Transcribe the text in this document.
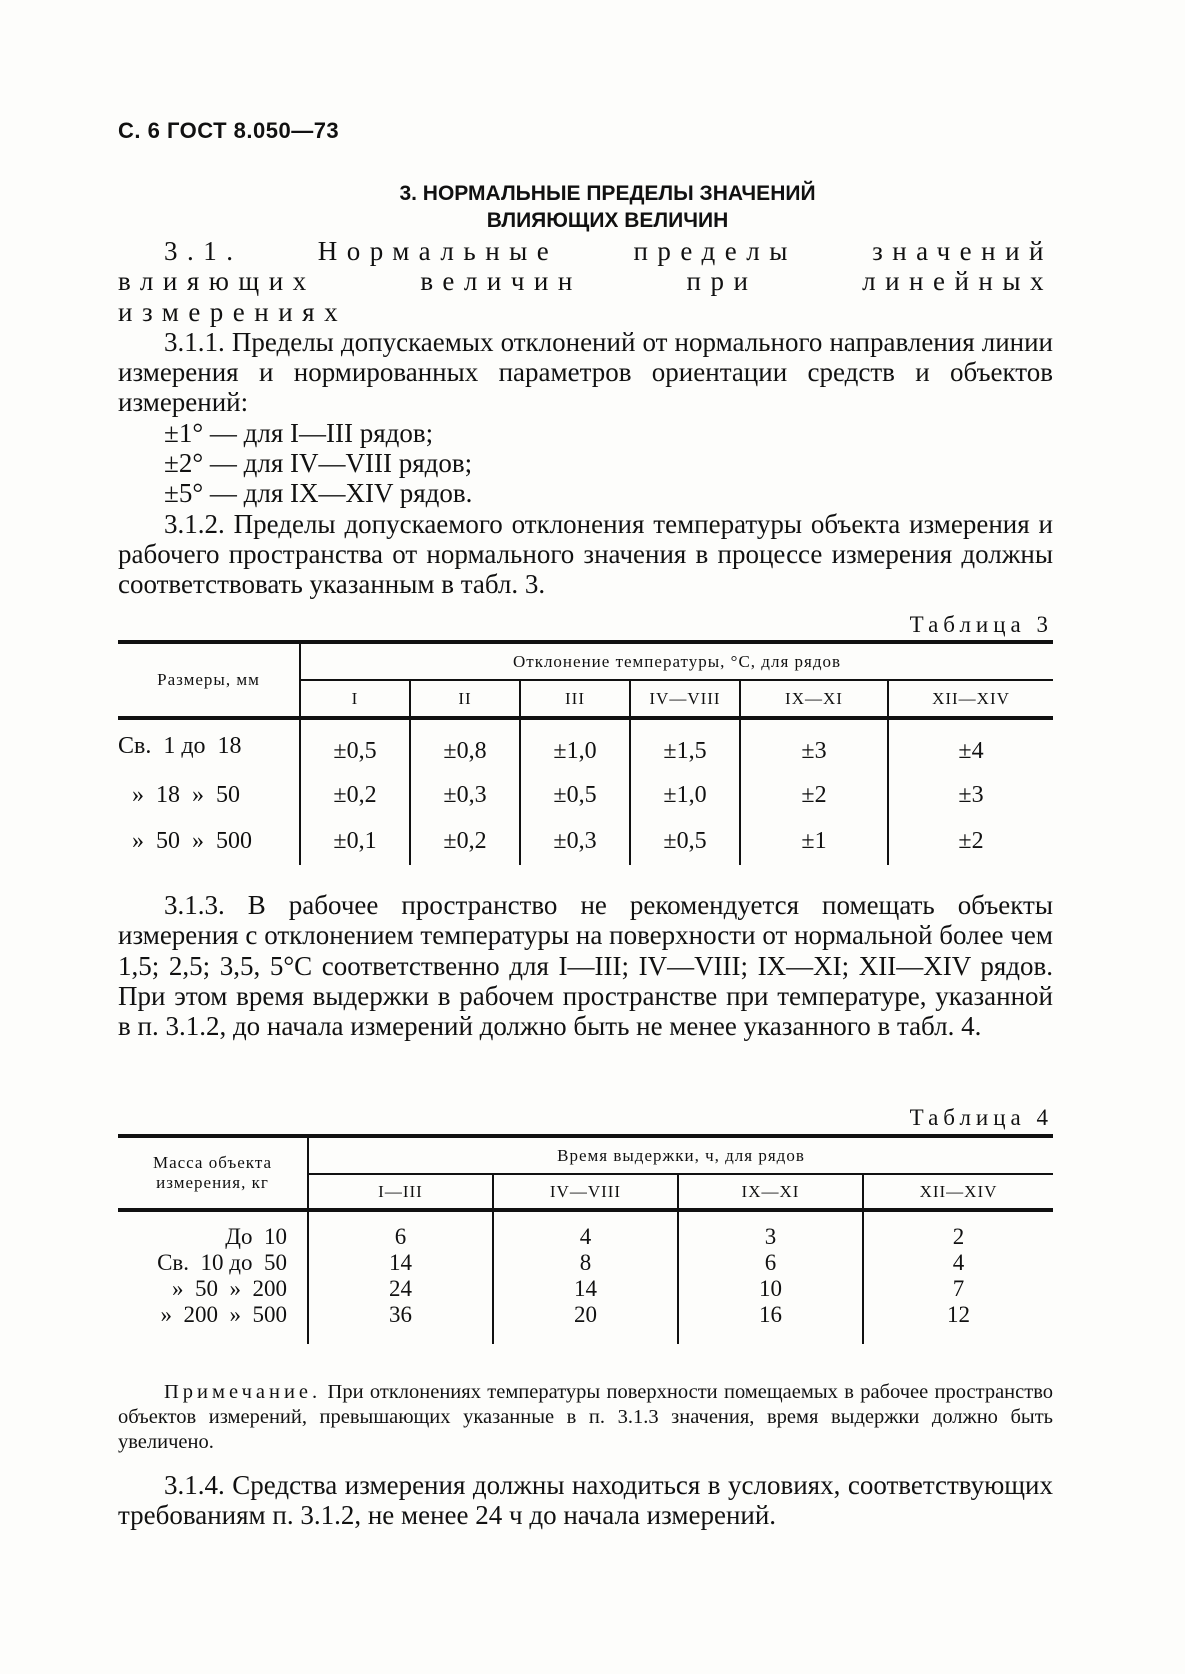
С. 6 ГОСТ 8.050—73
3. НОРМАЛЬНЫЕ ПРЕДЕЛЫ ЗНАЧЕНИЙ
ВЛИЯЮЩИХ ВЕЛИЧИН

3.1. Нормальные пределы значений влияющих величин при линейных измерениях

3.1.1. Пределы допускаемых отклонений от нормального направления линии измерения и нормированных параметров ориентации средств и объектов измерений:

±1° — для I—III рядов;

±2° — для IV—VIII рядов;

±5° — для IX—XIV рядов.

3.1.2. Пределы допускаемого отклонения температуры объекта измерения и рабочего пространства от нормального значения в процессе измерения должны соответствовать указанным в табл. 3.

Таблица 3
Размеры, мм	Отклонение температуры, °С, для рядов					
	I	II	III	IV—VIII	IX—XI	XII—XIV
Св.  1 до  18	±0,5	±0,8	±1,0	±1,5	±3	±4
»  18  »  50	±0,2	±0,3	±0,5	±1,0	±2	±3
»  50  »  500	±0,1	±0,2	±0,3	±0,5	±1	±2

3.1.3. В рабочее пространство не рекомендуется помещать объекты измерения с отклонением температуры на поверхности от нормальной более чем 1,5; 2,5; 3,5, 5°С соответственно для I—III; IV—VIII; IX—XI; XII—XIV рядов. При этом время выдержки в рабочем пространстве при температуре, указанной в п. 3.1.2, до начала измерений должно быть не менее указанного в табл. 4.

Таблица 4
Масса объекта измерения, кг	Время выдержки, ч, для рядов			
	I—III	IV—VIII	IX—XI	XII—XIV
До  10	6	4	3	2
Св.  10 до  50	14	8	6	4
»  50  »  200	24	14	10	7
»  200  »  500	36	20	16	12

Примечание. При отклонениях температуры поверхности помещаемых в рабочее пространство объектов измерений, превышающих указанные в п. 3.1.3 значения, время выдержки должно быть увеличено.

3.1.4. Средства измерения должны находиться в условиях, соответствующих требованиям п. 3.1.2, не менее 24 ч до начала измерений.
